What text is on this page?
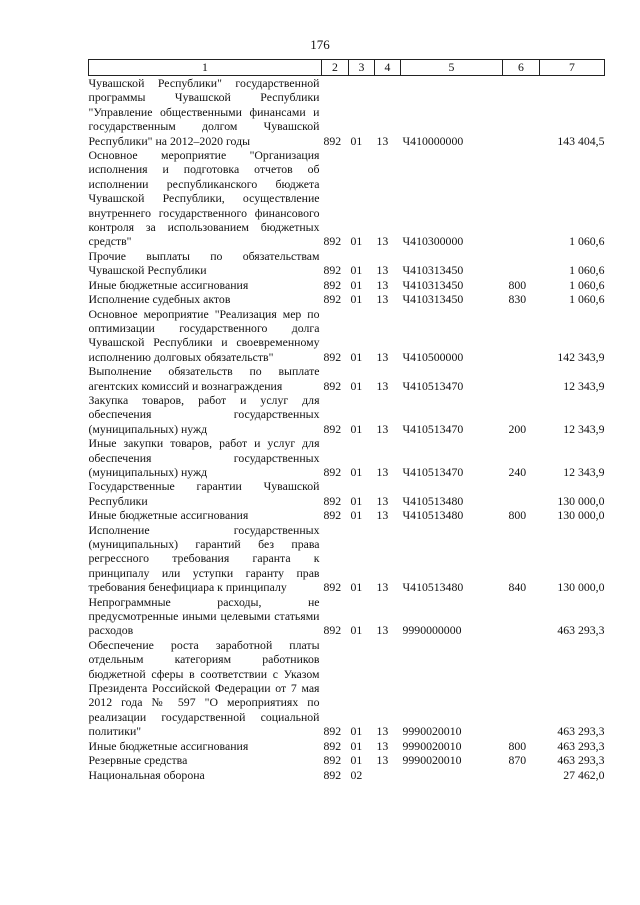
176
1	2	3	4	5	6	7
Чувашской Республики" государственной программы Чувашской Республики "Управление общественными финансами и государственным долгом Чувашской Республики" на 2012–2020 годы	892	01	13	Ч410000000		143 404,5
Основное мероприятие "Организация исполнения и подготовка отчетов об исполнении республиканского бюджета Чувашской Республики, осуществление внутреннего государственного финансового контроля за использованием бюджетных средств"	892	01	13	Ч410300000		1 060,6
Прочие выплаты по обязательствам Чувашской Республики	892	01	13	Ч410313450		1 060,6
Иные бюджетные ассигнования	892	01	13	Ч410313450	800	1 060,6
Исполнение судебных актов	892	01	13	Ч410313450	830	1 060,6
Основное мероприятие "Реализация мер по оптимизации государственного долга Чувашской Республики и своевременному исполнению долговых обязательств"	892	01	13	Ч410500000		142 343,9
Выполнение обязательств по выплате агентских комиссий и вознаграждения	892	01	13	Ч410513470		12 343,9
Закупка товаров, работ и услуг для обеспечения государственных (муниципальных) нужд	892	01	13	Ч410513470	200	12 343,9
Иные закупки товаров, работ и услуг для обеспечения государственных (муниципальных) нужд	892	01	13	Ч410513470	240	12 343,9
Государственные гарантии Чувашской Республики	892	01	13	Ч410513480		130 000,0
Иные бюджетные ассигнования	892	01	13	Ч410513480	800	130 000,0
Исполнение государственных (муниципальных) гарантий без права регрессного требования гаранта к принципалу или уступки гаранту прав требования бенефициара к принципалу	892	01	13	Ч410513480	840	130 000,0
Непрограммные расходы, не предусмотренные иными целевыми статьями расходов	892	01	13	9990000000		463 293,3
Обеспечение роста заработной платы отдельным категориям работников бюджетной сферы в соответствии с Указом Президента Российской Федерации от 7 мая 2012 года № 597 "О мероприятиях по реализации государственной социальной политики"	892	01	13	9990020010		463 293,3
Иные бюджетные ассигнования	892	01	13	9990020010	800	463 293,3
Резервные средства	892	01	13	9990020010	870	463 293,3
Национальная оборона	892	02				27 462,0
